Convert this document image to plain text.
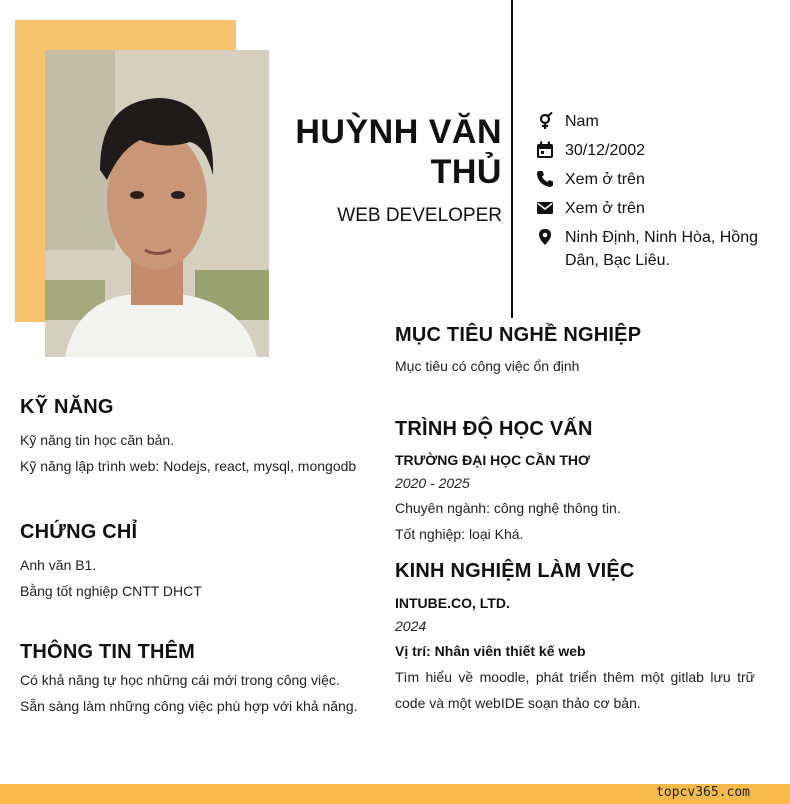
HUỲNH VĂN THỦ
WEB DEVELOPER
Nam
30/12/2002
Xem ở trên
Xem ở trên
Ninh Định, Ninh Hòa, Hồng Dân, Bạc Liêu.
KỸ NĂNG
Kỹ năng tin học căn bản.
Kỹ năng lập trình web: Nodejs, react, mysql, mongodb
CHỨNG CHỈ
Anh văn B1.
Bằng tốt nghiệp CNTT DHCT
THÔNG TIN THÊM
Có khả năng tự học những cái mới trong công việc.
Sẵn sàng làm những công việc phù hợp với khả năng.
MỤC TIÊU NGHỀ NGHIỆP
Mục tiêu có công việc ổn định
TRÌNH ĐỘ HỌC VẤN
TRƯỜNG ĐẠI HỌC CẦN THƠ
2020 - 2025
Chuyên ngành: công nghệ thông tin.
Tốt nghiệp: loại Khá.
KINH NGHIỆM LÀM VIỆC
INTUBE.CO, LTD.
2024
Vị trí: Nhân viên thiết kế web
Tìm hiểu về moodle, phát triển thêm một gitlab lưu trữ code và một webIDE soạn thảo cơ bản.
topcv365.com
